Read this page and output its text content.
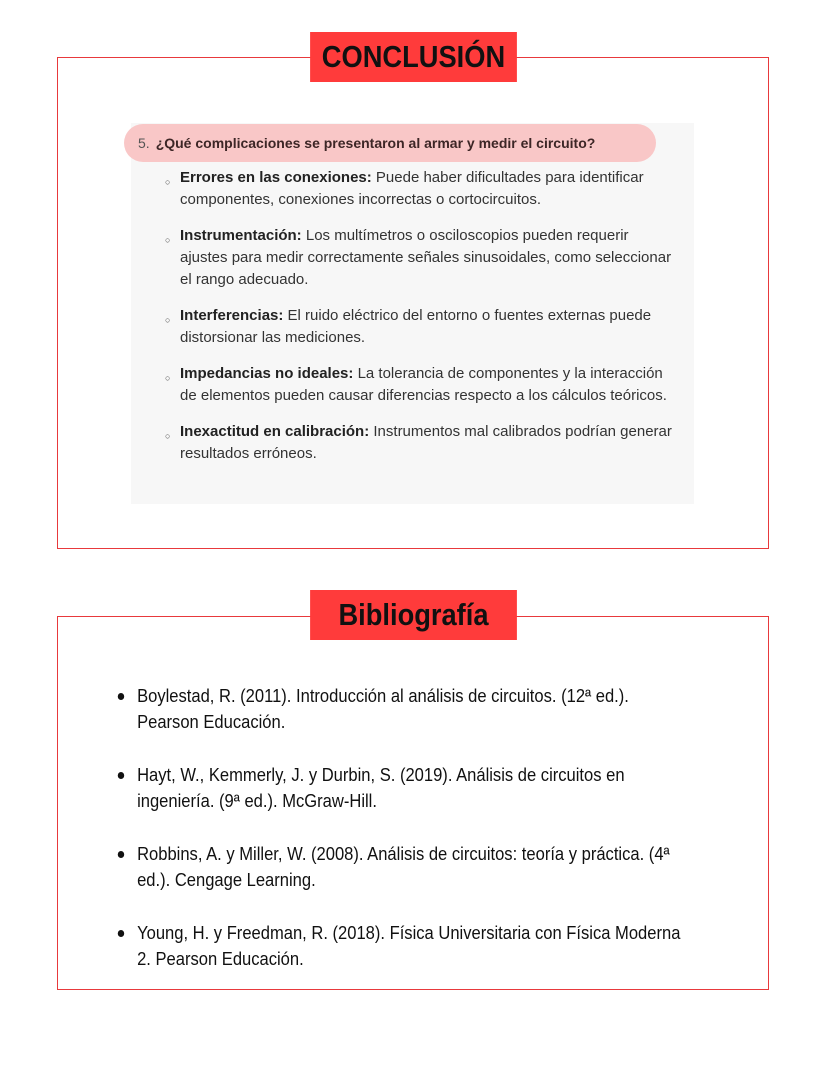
CONCLUSIÓN
5. ¿Qué complicaciones se presentaron al armar y medir el circuito?
○ Errores en las conexiones: Puede haber dificultades para identificar componentes, conexiones incorrectas o cortocircuitos.
○ Instrumentación: Los multímetros o osciloscopios pueden requerir ajustes para medir correctamente señales sinusoidales, como seleccionar el rango adecuado.
○ Interferencias: El ruido eléctrico del entorno o fuentes externas puede distorsionar las mediciones.
○ Impedancias no ideales: La tolerancia de componentes y la interacción de elementos pueden causar diferencias respecto a los cálculos teóricos.
○ Inexactitud en calibración: Instrumentos mal calibrados podrían generar resultados erróneos.
Bibliografía
Boylestad, R. (2011). Introducción al análisis de circuitos. (12ª ed.). Pearson Educación.
Hayt, W., Kemmerly, J. y Durbin, S. (2019). Análisis de circuitos en ingeniería. (9ª ed.). McGraw-Hill.
Robbins, A. y Miller, W. (2008). Análisis de circuitos: teoría y práctica. (4ª ed.). Cengage Learning.
Young, H. y Freedman, R. (2018). Física Universitaria con Física Moderna 2. Pearson Educación.
